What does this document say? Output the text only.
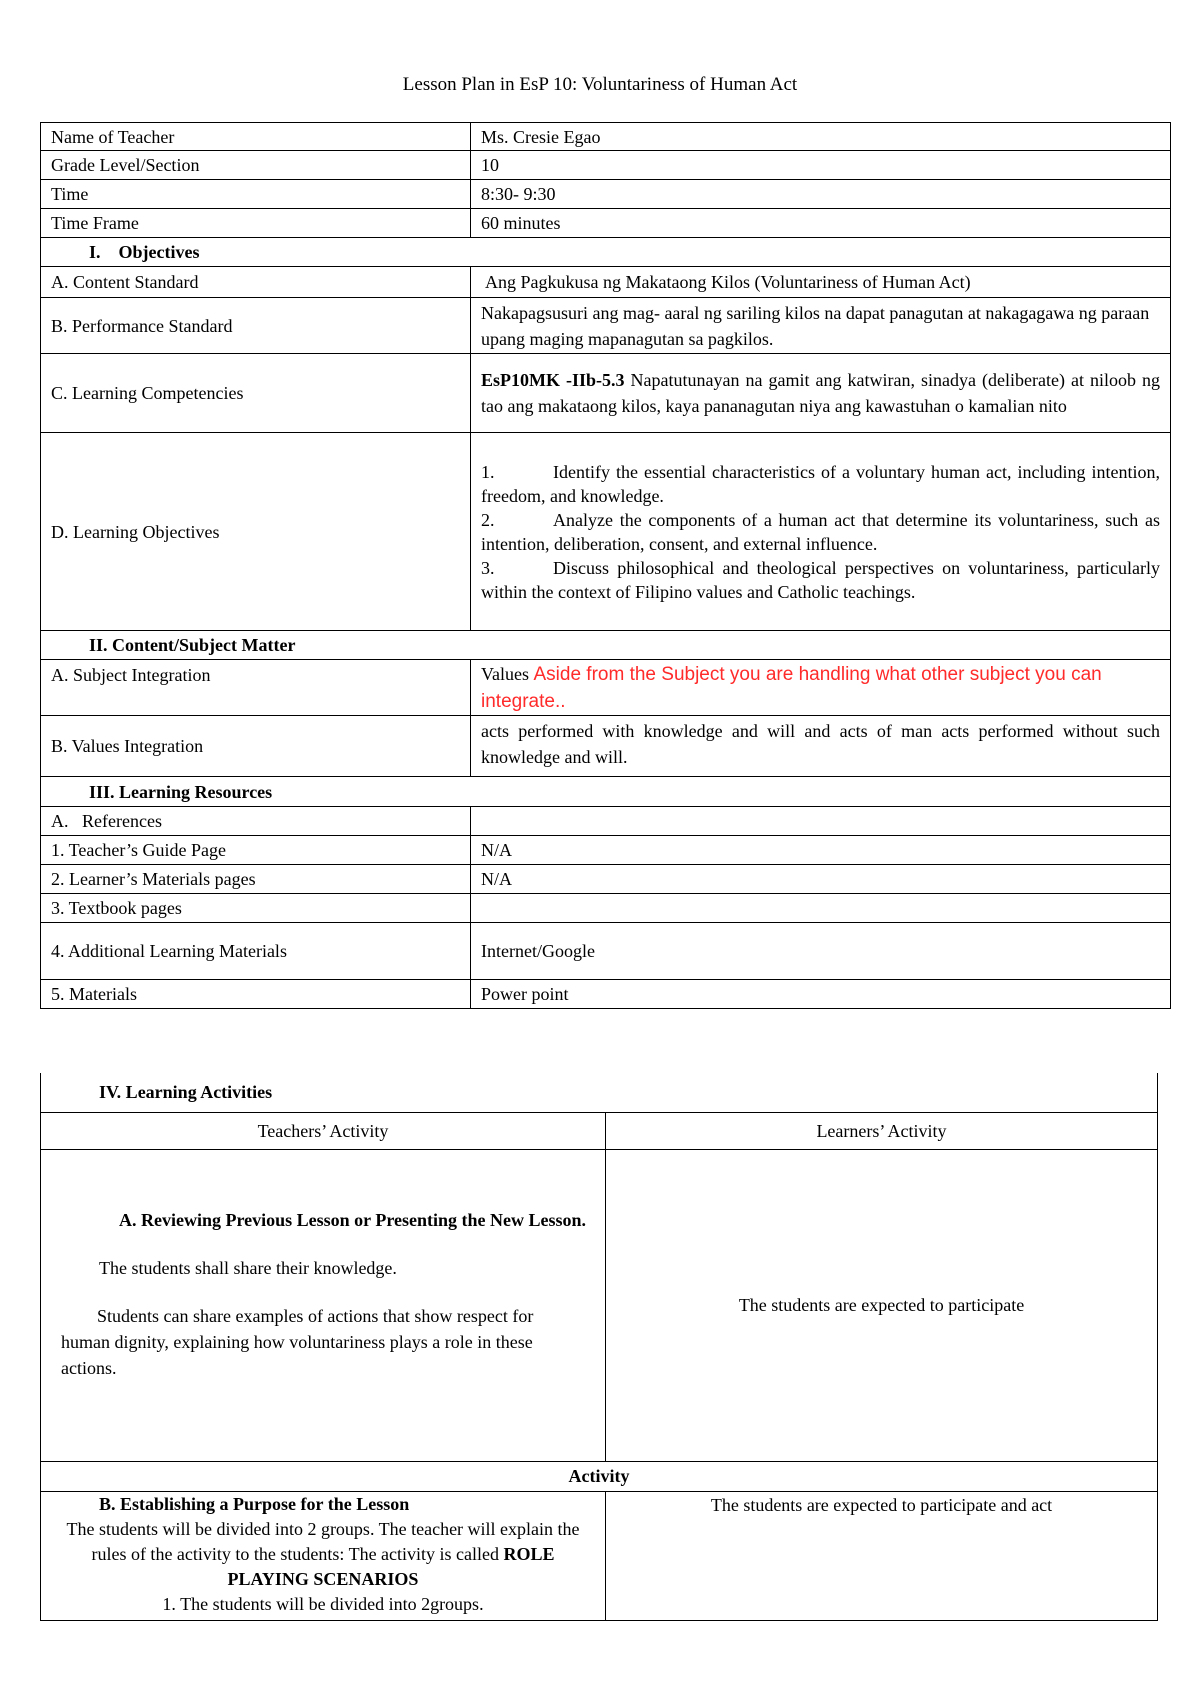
Lesson Plan in EsP 10: Voluntariness of Human Act
Name of Teacher	Ms. Cresie Egao
Grade Level/Section	10
Time	8:30- 9:30
Time Frame	60 minutes
I.    Objectives	
A. Content Standard	Ang Pagkukusa ng Makataong Kilos (Voluntariness of Human Act)
B. Performance Standard	Nakapagsusuri ang mag- aaral ng sariling kilos na dapat panagutan at nakagagawa ng paraan upang maging mapanagutan sa pagkilos.
C. Learning Competencies	EsP10MK -IIb-5.3 Napatutunayan na gamit ang katwiran, sinadya (deliberate) at niloob ng tao ang makataong kilos, kaya pananagutan niya ang kawastuhan o kamalian nito
D. Learning Objectives	1. Identify the essential characteristics of a voluntary human act, including intention, freedom, and knowledge.
2. Analyze the components of a human act that determine its voluntariness, such as intention, deliberation, consent, and external influence.
3. Discuss philosophical and theological perspectives on voluntariness, particularly within the context of Filipino values and Catholic teachings.

II. Content/Subject Matter	
A. Subject Integration	Values Aside from the Subject you are handling what other subject you can integrate..
B. Values Integration	acts performed with knowledge and will and acts of man acts performed without such knowledge and will.
III. Learning Resources	
A.   References	
1. Teacher’s Guide Page	N/A
2. Learner’s Materials pages	N/A
3. Textbook pages	
4. Additional Learning Materials	Internet/Google
5. Materials	Power point
IV. Learning Activities	
Teachers’ Activity	Learners’ Activity

A. Reviewing Previous Lesson or Presenting the New Lesson.

The students shall share their knowledge.

Students can share examples of actions that show respect for human dignity, explaining how voluntariness plays a role in these actions.	The students are expected to participate
Activity	

B. Establishing a Purpose for the Lesson
The students will be divided into 2 groups. The teacher will explain the rules of the activity to the students: The activity is called ROLE PLAYING SCENARIOS
1. The students will be divided into 2groups.	The students are expected to participate and act
